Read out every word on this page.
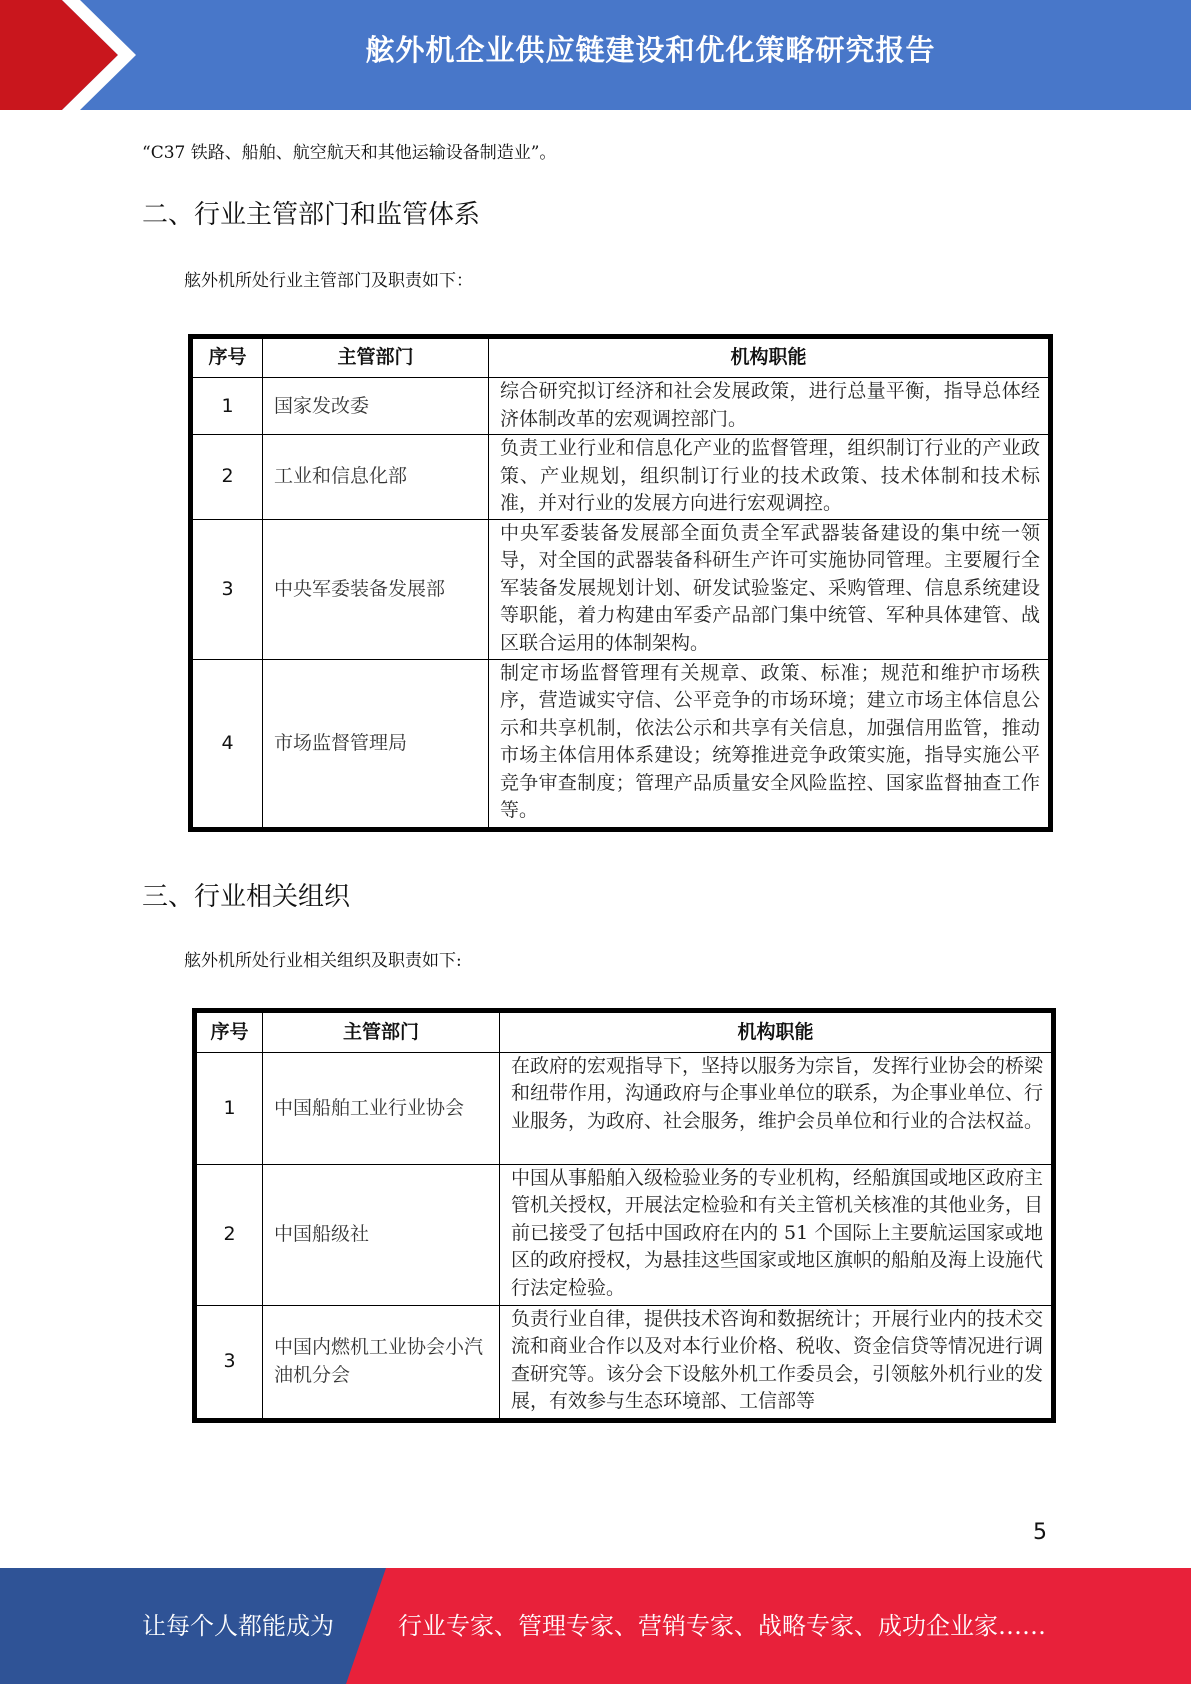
舷外机企业供应链建设和优化策略研究报告
“C37 铁路、船舶、航空航天和其他运输设备制造业”。
二、行业主管部门和监管体系
舷外机所处行业主管部门及职责如下：
序号	主管部门	机构职能
1	国家发改委	综合研究拟订经济和社会发展政策，进行总量平衡，指导总体经济体制改革的宏观调控部门。
2	工业和信息化部	负责工业行业和信息化产业的监督管理，组织制订行业的产业政策、产业规划，组织制订行业的技术政策、技术体制和技术标准，并对行业的发展方向进行宏观调控。
3	中央军委装备发展部	中央军委装备发展部全面负责全军武器装备建设的集中统一领导，对全国的武器装备科研生产许可实施协同管理。主要履行全军装备发展规划计划、研发试验鉴定、采购管理、信息系统建设等职能，着力构建由军委产品部门集中统管、军种具体建管、战区联合运用的体制架构。
4	市场监督管理局	制定市场监督管理有关规章、政策、标准；规范和维护市场秩序，营造诚实守信、公平竞争的市场环境；建立市场主体信息公示和共享机制，依法公示和共享有关信息，加强信用监管，推动市场主体信用体系建设；统筹推进竞争政策实施，指导实施公平竞争审查制度；管理产品质量安全风险监控、国家监督抽查工作等。
三、行业相关组织
舷外机所处行业相关组织及职责如下:
序号	主管部门	机构职能
1	中国船舶工业行业协会	在政府的宏观指导下，坚持以服务为宗旨，发挥行业协会的桥梁和纽带作用，沟通政府与企事业单位的联系，为企事业单位、行业服务，为政府、社会服务，维护会员单位和行业的合法权益。
2	中国船级社	中国从事船舶入级检验业务的专业机构，经船旗国或地区政府主管机关授权，开展法定检验和有关主管机关核准的其他业务，目前已接受了包括中国政府在内的 51 个国际上主要航运国家或地区的政府授权，为悬挂这些国家或地区旗帜的船舶及海上设施代行法定检验。
3	中国内燃机工业协会小汽油机分会	负责行业自律，提供技术咨询和数据统计；开展行业内的技术交流和商业合作以及对本行业价格、税收、资金信贷等情况进行调查研究等。该分会下设舷外机工作委员会，引领舷外机行业的发展，有效参与生态环境部、工信部等
5
让每个人都能成为	行业专家、管理专家、营销专家、战略专家、成功企业家……
